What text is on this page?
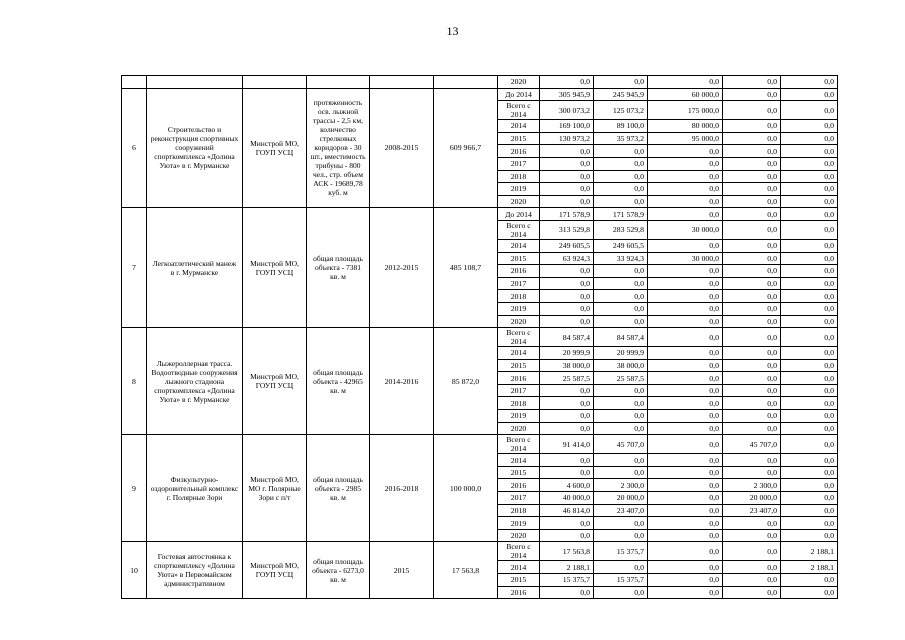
13
						2020	0,0	0,0	0,0	0,0	0,0
6	Строительство и реконструкция спортивных сооружений спорткомплекса «Долина Уюта» в г. Мурманске	Минстрой МО, ГОУП УСЦ	протяженность осв. лыжной трассы - 2,5 км, количество стрелковых коридоров - 30 шт., вместимость трибуны - 800 чел., стр. объем АСК - 19689,78 куб. м	2008-2015	609 966,7	До 2014	305 945,9	245 945,9	60 000,0	0,0	0,0
						Всего с 2014	300 073,2	125 073,2	175 000,0	0,0	0,0
						2014	169 100,0	89 100,0	80 000,0	0,0	0,0
						2015	130 973,2	35 973,2	95 000,0	0,0	0,0
						2016	0,0	0,0	0,0	0,0	0,0
						2017	0,0	0,0	0,0	0,0	0,0
						2018	0,0	0,0	0,0	0,0	0,0
						2019	0,0	0,0	0,0	0,0	0,0
						2020	0,0	0,0	0,0	0,0	0,0
7	Легкоатлетический манеж в г. Мурманске	Минстрой МО, ГОУП УСЦ	общая площадь объекта - 7381 кв. м	2012-2015	485 108,7	До 2014	171 578,9	171 578,9	0,0	0,0	0,0
						Всего с 2014	313 529,8	283 529,8	30 000,0	0,0	0,0
						2014	249 605,5	249 605,5	0,0	0,0	0,0
						2015	63 924,3	33 924,3	30 000,0	0,0	0,0
						2016	0,0	0,0	0,0	0,0	0,0
						2017	0,0	0,0	0,0	0,0	0,0
						2018	0,0	0,0	0,0	0,0	0,0
						2019	0,0	0,0	0,0	0,0	0,0
						2020	0,0	0,0	0,0	0,0	0,0
8	Лыжероллерная трасса. Водоотводные сооружения лыжного стадиона спорткомплекса «Долина Уюта» в г. Мурманске	Минстрой МО, ГОУП УСЦ	общая площадь объекта - 42965 кв. м	2014-2016	85 872,0	Всего с 2014	84 587,4	84 587,4	0,0	0,0	0,0
						2014	20 999,9	20 999,9	0,0	0,0	0,0
						2015	38 000,0	38 000,0	0,0	0,0	0,0
						2016	25 587,5	25 587,5	0,0	0,0	0,0
						2017	0,0	0,0	0,0	0,0	0,0
						2018	0,0	0,0	0,0	0,0	0,0
						2019	0,0	0,0	0,0	0,0	0,0
						2020	0,0	0,0	0,0	0,0	0,0
9	Физкультурно-оздоровительный комплекс г. Полярные Зори	Минстрой МО, МО г. Полярные Зори с п/т	общая площадь объекта - 2985 кв. м	2016-2018	100 000,0	Всего с 2014	91 414,0	45 707,0	0,0	45 707,0	0,0
						2014	0,0	0,0	0,0	0,0	0,0
						2015	0,0	0,0	0,0	0,0	0,0
						2016	4 600,0	2 300,0	0,0	2 300,0	0,0
						2017	40 000,0	20 000,0	0,0	20 000,0	0,0
						2018	46 814,0	23 407,0	0,0	23 407,0	0,0
						2019	0,0	0,0	0,0	0,0	0,0
						2020	0,0	0,0	0,0	0,0	0,0
10	Гостевая автостоянка к спорткомплексу «Долина Уюта» в Первомайском административном	Минстрой МО, ГОУП УСЦ	общая площадь объекта - 6273,0 кв. м	2015	17 563,8	Всего с 2014	17 563,8	15 375,7	0,0	0,0	2 188,1
						2014	2 188,1	0,0	0,0	0,0	2 188,1
						2015	15 375,7	15 375,7	0,0	0,0	0,0
						2016	0,0	0,0	0,0	0,0	0,0
